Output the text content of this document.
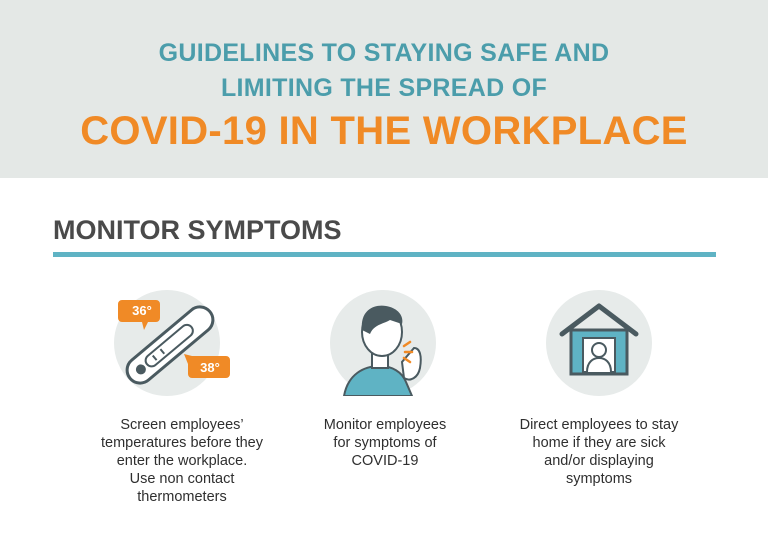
GUIDELINES TO STAYING SAFE AND
LIMITING THE SPREAD OF
COVID-19 IN THE WORKPLACE
MONITOR SYMPTOMS
36°
38°

Screen employees’
temperatures before they
enter the workplace.
Use non contact
thermometers

Monitor employees
for symptoms of
COVID-19

Direct employees to stay
home if they are sick
and/or displaying
symptoms
